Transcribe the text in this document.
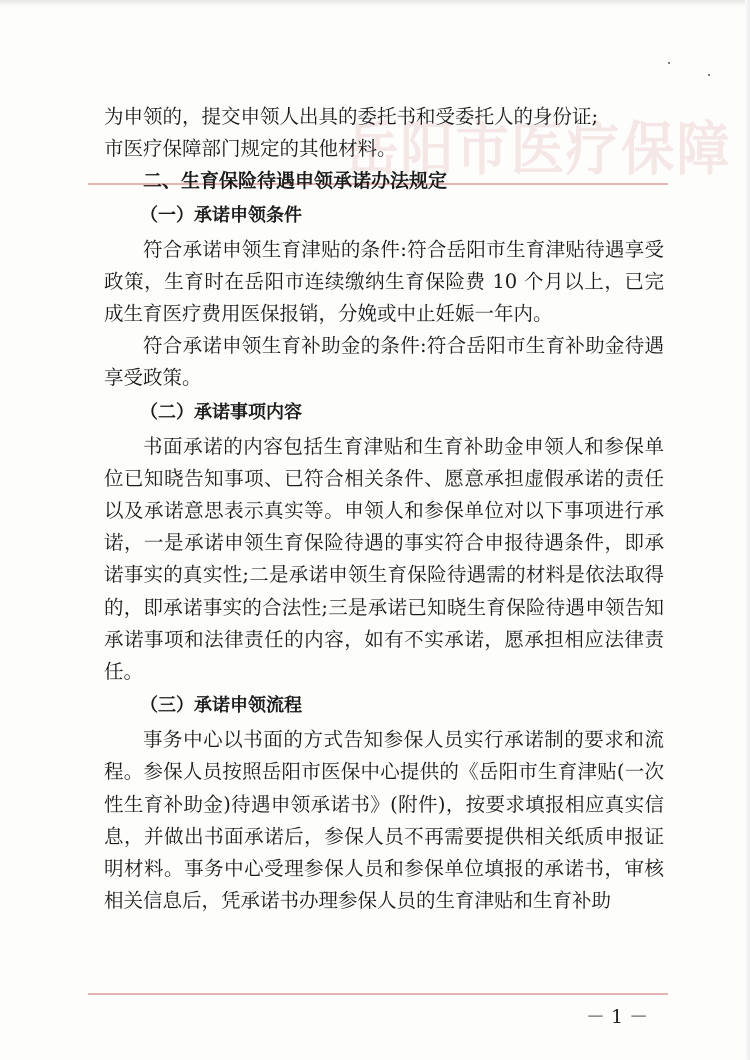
岳阳市医疗保障

为申领的，提交申领人出具的委托书和受委托人的身份证;

市医疗保障部门规定的其他材料。

二、生育保险待遇申领承诺办法规定

（一）承诺申领条件

符合承诺申领生育津贴的条件:符合岳阳市生育津贴待遇享受政策，生育时在岳阳市连续缴纳生育保险费 10 个月以上，已完成生育医疗费用医保报销，分娩或中止妊娠一年内。

符合承诺申领生育补助金的条件:符合岳阳市生育补助金待遇享受政策。

（二）承诺事项内容

书面承诺的内容包括生育津贴和生育补助金申领人和参保单位已知晓告知事项、已符合相关条件、愿意承担虚假承诺的责任以及承诺意思表示真实等。申领人和参保单位对以下事项进行承诺，一是承诺申领生育保险待遇的事实符合申报待遇条件，即承诺事实的真实性;二是承诺申领生育保险待遇需的材料是依法取得的，即承诺事实的合法性;三是承诺已知晓生育保险待遇申领告知承诺事项和法律责任的内容，如有不实承诺，愿承担相应法律责任。

（三）承诺申领流程

事务中心以书面的方式告知参保人员实行承诺制的要求和流程。参保人员按照岳阳市医保中心提供的《岳阳市生育津贴(一次性生育补助金)待遇申领承诺书》(附件)，按要求填报相应真实信息，并做出书面承诺后，参保人员不再需要提供相关纸质申报证明材料。事务中心受理参保人员和参保单位填报的承诺书，审核相关信息后，凭承诺书办理参保人员的生育津贴和生育补助

－ 1 －
